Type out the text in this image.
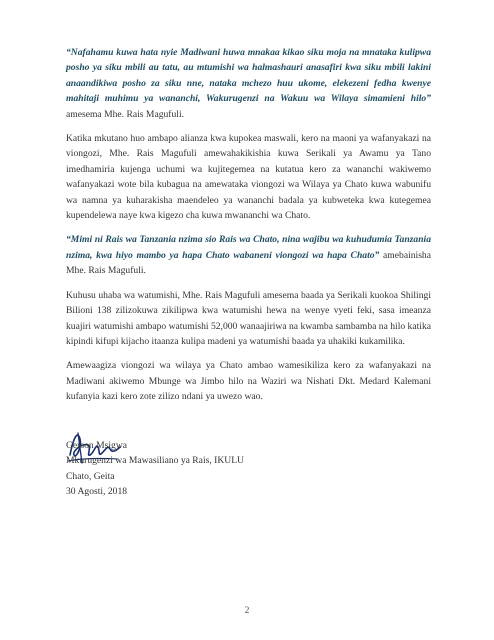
“Nafahamu kuwa hata nyie Madiwani huwa mnakaa kikao siku moja na mnataka kulipwa posho ya siku mbili au tatu, au mtumishi wa halmashauri anasafiri kwa siku mbili lakini anaandikiwa posho za siku nne, nataka mchezo huu ukome, elekezeni fedha kwenye mahitaji muhimu ya wananchi, Wakurugenzi na Wakuu wa Wilaya simamieni hilo” amesema Mhe. Rais Magufuli.

Katika mkutano huo ambapo alianza kwa kupokea maswali, kero na maoni ya wafanyakazi na viongozi, Mhe. Rais Magufuli amewahakikishia kuwa Serikali ya Awamu ya Tano imedhamiria kujenga uchumi wa kujitegemea na kutatua kero za wananchi wakiwemo wafanyakazi wote bila kubagua na amewataka viongozi wa Wilaya ya Chato kuwa wabunifu wa namna ya kuharakisha maendeleo ya wananchi badala ya kubweteka kwa kutegemea kupendelewa naye kwa kigezo cha kuwa mwananchi wa Chato.

“Mimi ni Rais wa Tanzania nzima sio Rais wa Chato, nina wajibu wa kuhudumia Tanzania nzima, kwa hiyo mambo ya hapa Chato wabaneni viongozi wa hapa Chato” amebainisha Mhe. Rais Magufuli.

Kuhusu uhaba wa watumishi, Mhe. Rais Magufuli amesema baada ya Serikali kuokoa Shilingi Bilioni 138 zilizokuwa zikilipwa kwa watumishi hewa na wenye vyeti feki, sasa imeanza kuajiri watumishi ambapo watumishi 52,000 wanaajiriwa na kwamba sambamba na hilo katika kipindi kifupi kijacho itaanza kulipa madeni ya watumishi baada ya uhakiki kukamilika.

Amewaagiza viongozi wa wilaya ya Chato ambao wamesikiliza kero za wafanyakazi na Madiwani akiwemo Mbunge wa Jimbo hilo na Waziri wa Nishati Dkt. Medard Kalemani kufanyia kazi kero zote zilizo ndani ya uwezo wao.

Gerson Msigwa
Mkurugenzi wa Mawasiliano ya Rais, IKULU
Chato, Geita
30 Agosti, 2018
2
